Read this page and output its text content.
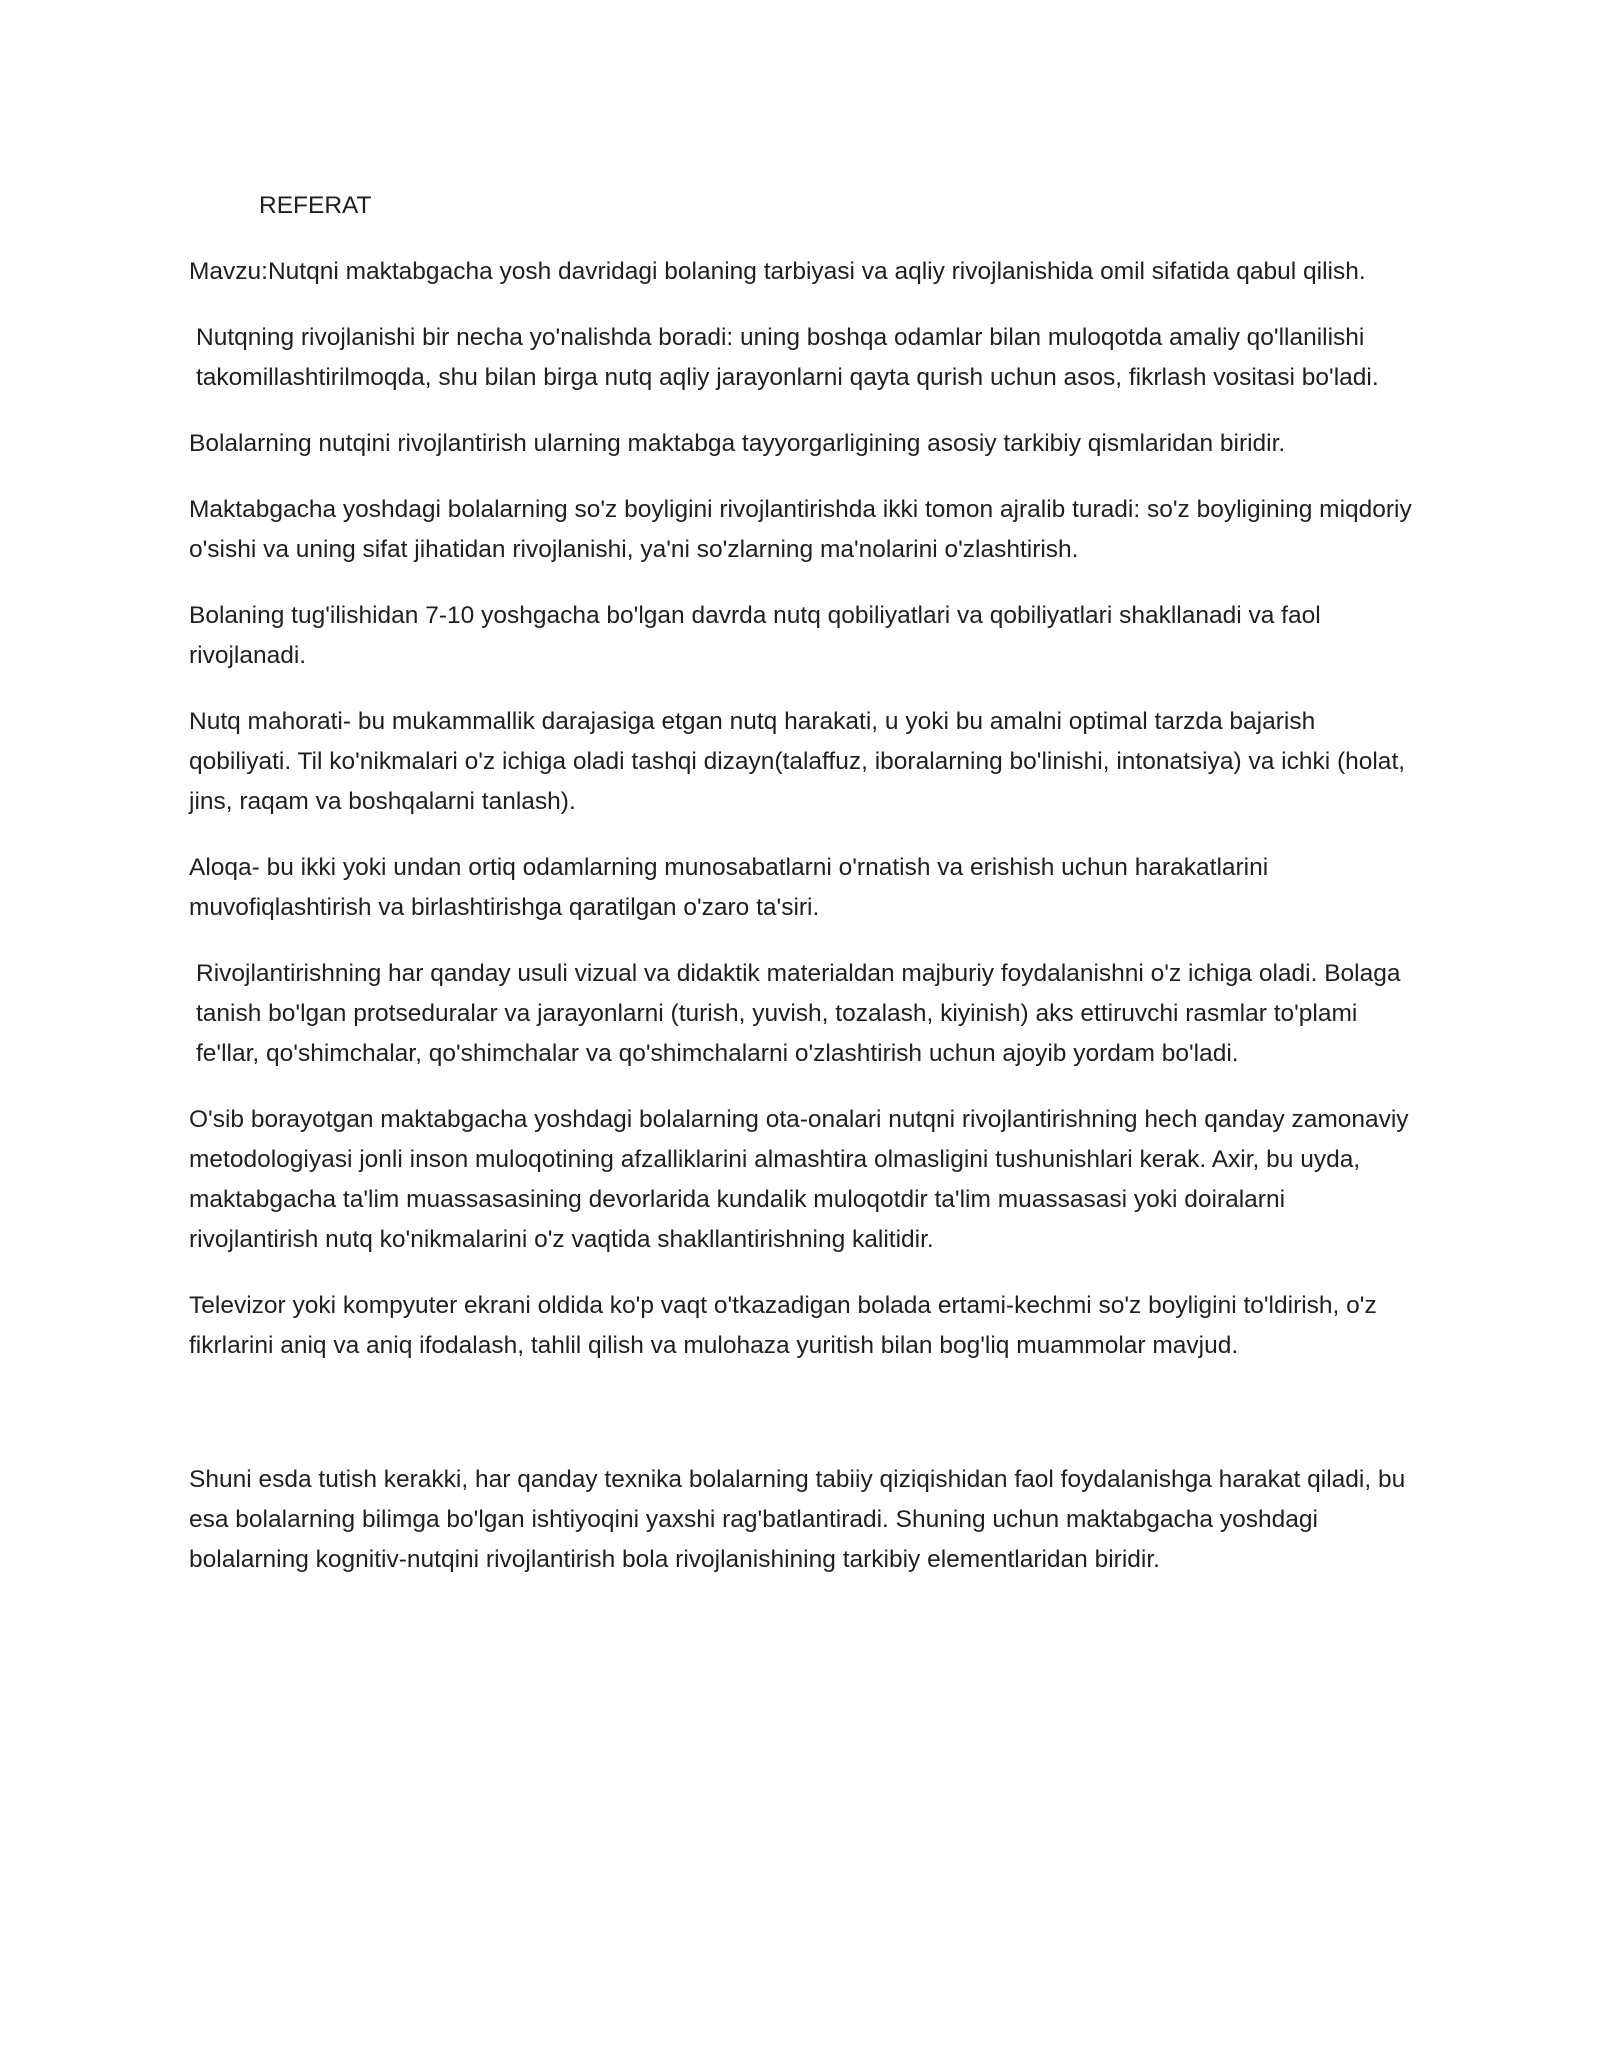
REFERAT

Mavzu:Nutqni maktabgacha yosh davridagi bolaning tarbiyasi va aqliy rivojlanishida omil sifatida qabul qilish.

Nutqning rivojlanishi bir necha yo'nalishda boradi: uning boshqa odamlar bilan muloqotda amaliy qo'llanilishi takomillashtirilmoqda, shu bilan birga nutq aqliy jarayonlarni qayta qurish uchun asos, fikrlash vositasi bo'ladi.

Bolalarning nutqini rivojlantirish ularning maktabga tayyorgarligining asosiy tarkibiy qismlaridan biridir.

Maktabgacha yoshdagi bolalarning so'z boyligini rivojlantirishda ikki tomon ajralib turadi: so'z boyligining miqdoriy o'sishi va uning sifat jihatidan rivojlanishi, ya'ni so'zlarning ma'nolarini o'zlashtirish.

Bolaning tug'ilishidan 7-10 yoshgacha bo'lgan davrda nutq qobiliyatlari va qobiliyatlari shakllanadi va faol rivojlanadi.

Nutq mahorati- bu mukammallik darajasiga etgan nutq harakati, u yoki bu amalni optimal tarzda bajarish qobiliyati. Til ko'nikmalari o'z ichiga oladi tashqi dizayn(talaffuz, iboralarning bo'linishi, intonatsiya) va ichki (holat, jins, raqam va boshqalarni tanlash).

Aloqa- bu ikki yoki undan ortiq odamlarning munosabatlarni o'rnatish va erishish uchun harakatlarini muvofiqlashtirish va birlashtirishga qaratilgan o'zaro ta'siri.

Rivojlantirishning har qanday usuli vizual va didaktik materialdan majburiy foydalanishni o'z ichiga oladi. Bolaga tanish bo'lgan protseduralar va jarayonlarni (turish, yuvish, tozalash, kiyinish) aks ettiruvchi rasmlar to'plami fe'llar, qo'shimchalar, qo'shimchalar va qo'shimchalarni o'zlashtirish uchun ajoyib yordam bo'ladi.

O'sib borayotgan maktabgacha yoshdagi bolalarning ota-onalari nutqni rivojlantirishning hech qanday zamonaviy metodologiyasi jonli inson muloqotining afzalliklarini almashtira olmasligini tushunishlari kerak. Axir, bu uyda, maktabgacha ta'lim muassasasining devorlarida kundalik muloqotdir ta'lim muassasasi yoki doiralarni rivojlantirish nutq ko'nikmalarini o'z vaqtida shakllantirishning kalitidir.

Televizor yoki kompyuter ekrani oldida ko'p vaqt o'tkazadigan bolada ertami-kechmi so'z boyligini to'ldirish, o'z fikrlarini aniq va aniq ifodalash, tahlil qilish va mulohaza yuritish bilan bog'liq muammolar mavjud.

Shuni esda tutish kerakki, har qanday texnika bolalarning tabiiy qiziqishidan faol foydalanishga harakat qiladi, bu esa bolalarning bilimga bo'lgan ishtiyoqini yaxshi rag'batlantiradi. Shuning uchun maktabgacha yoshdagi bolalarning kognitiv-nutqini rivojlantirish bola rivojlanishining tarkibiy elementlaridan biridir.
